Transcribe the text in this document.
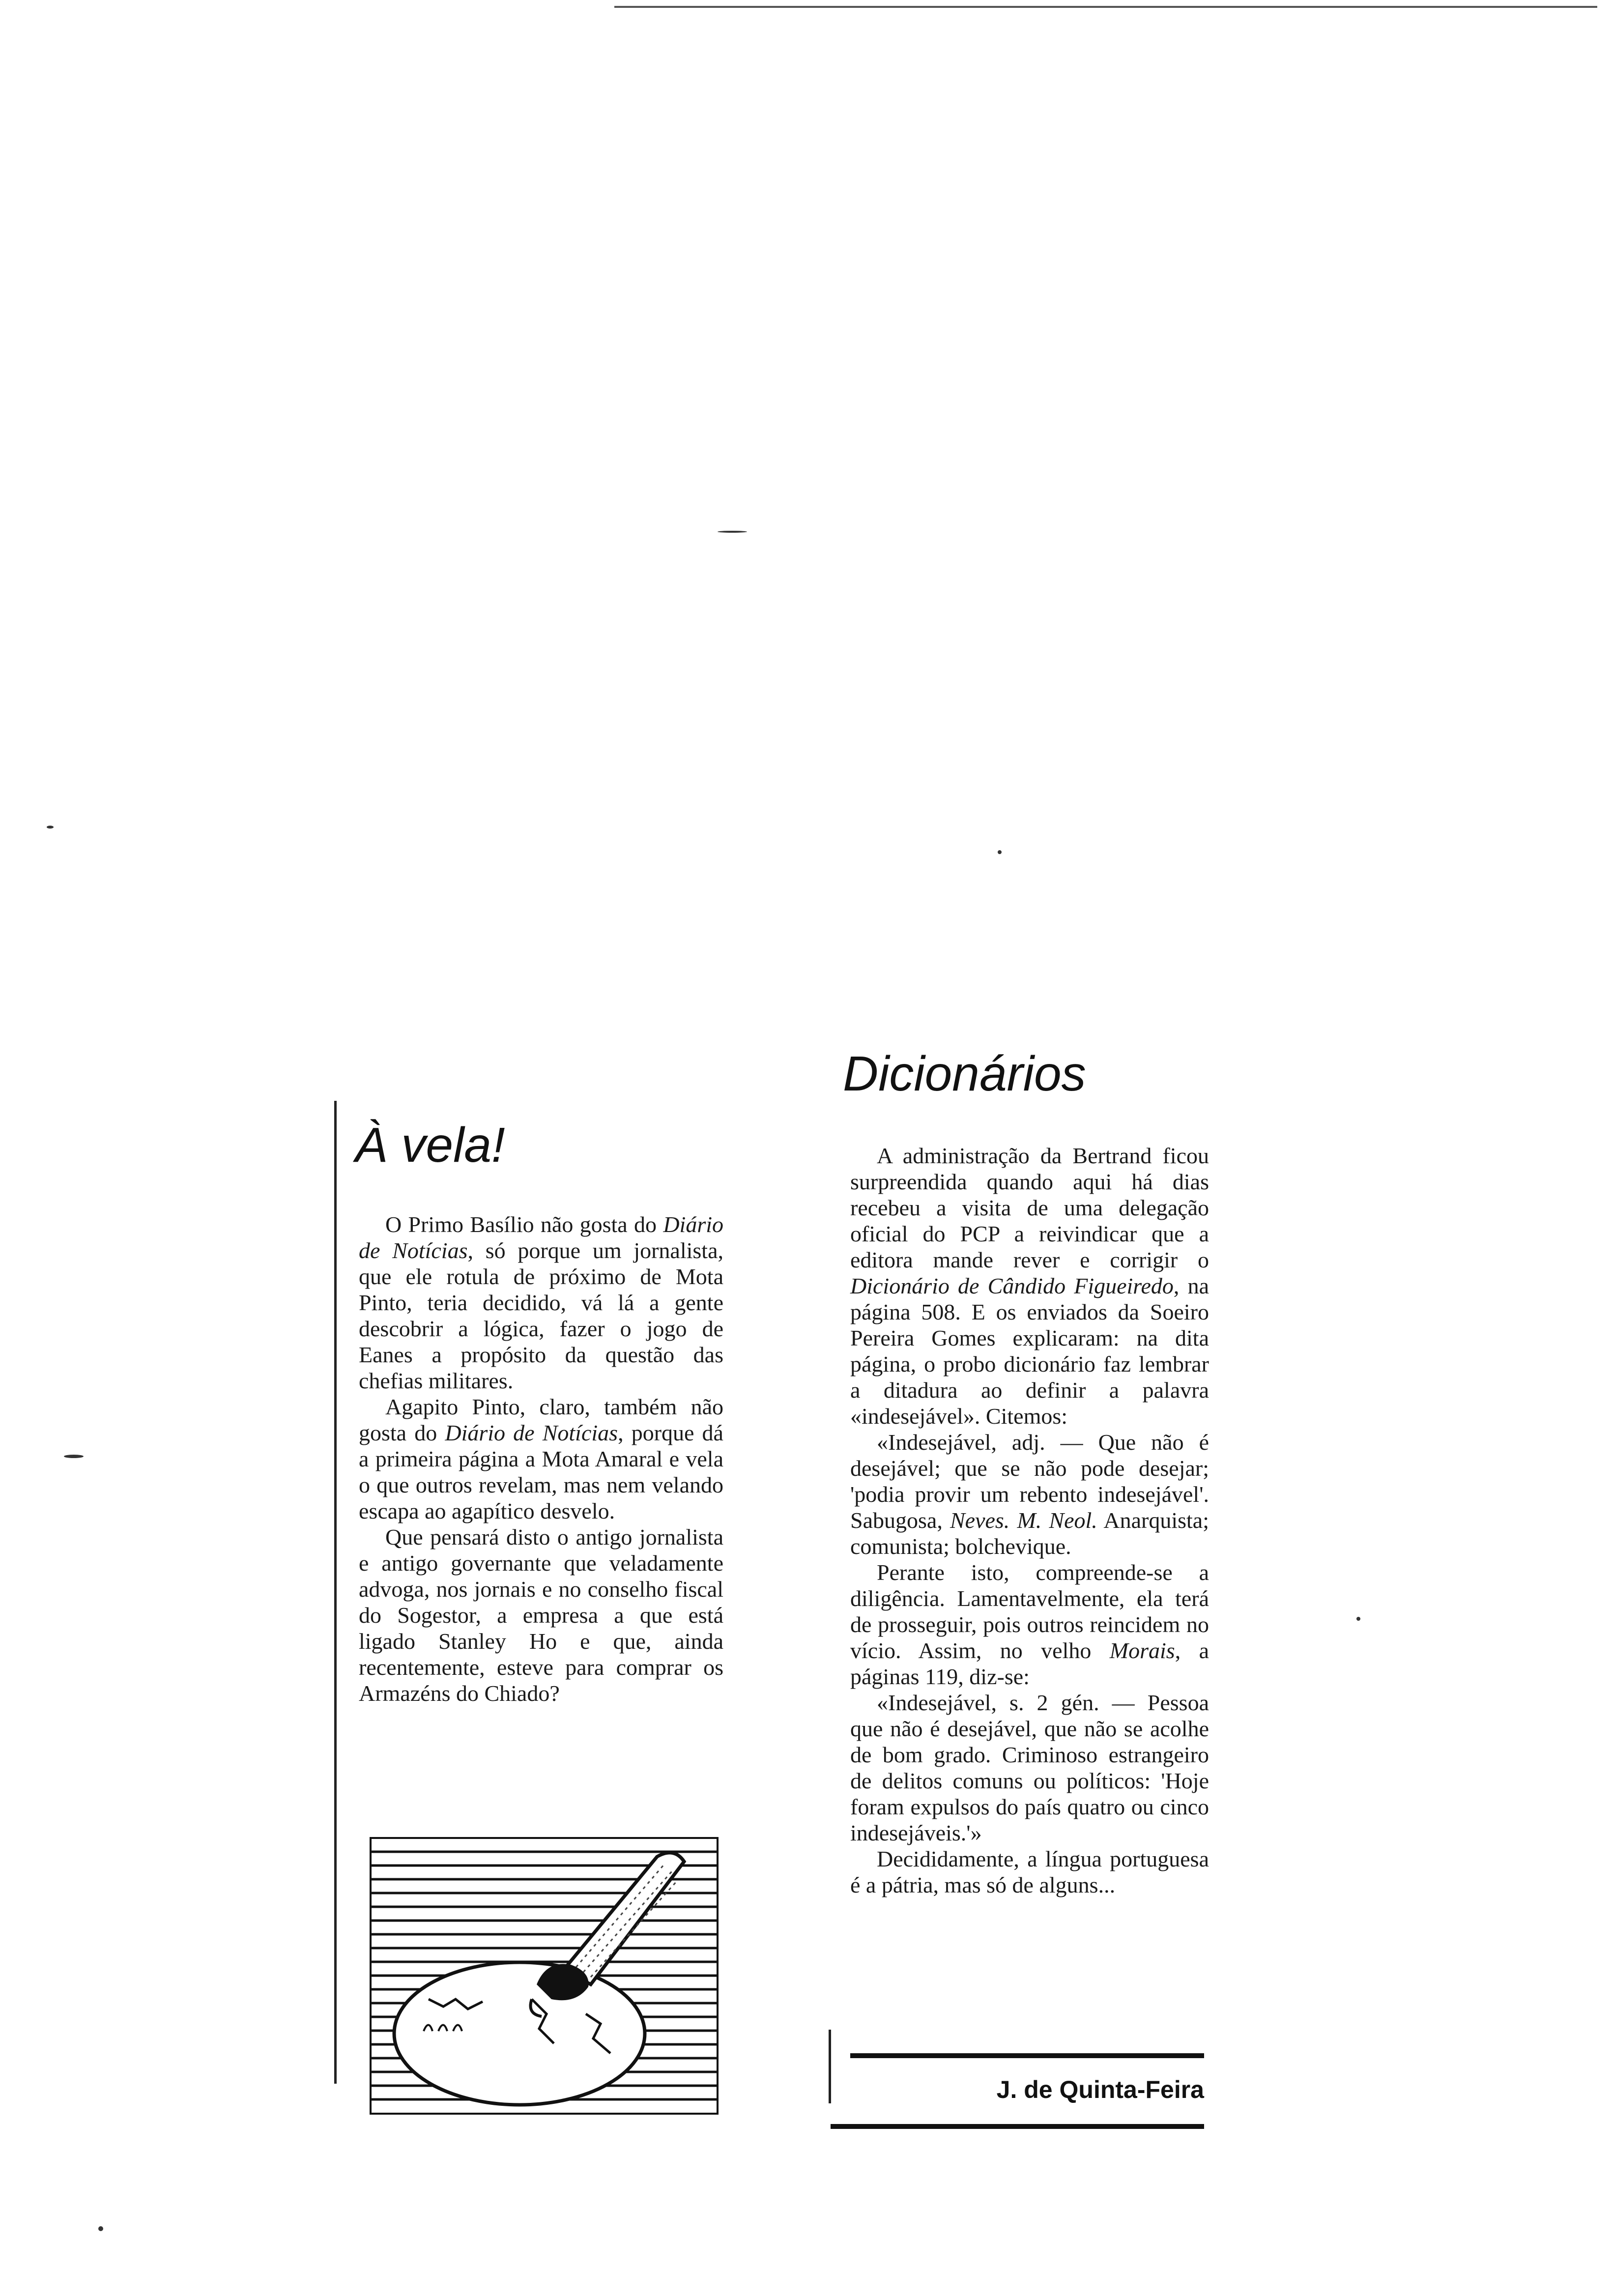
À vela!

O Primo Basílio não gosta do Diário de Notícias, só porque um jornalista, que ele rotula de próximo de Mota Pinto, teria decidido, vá lá a gente descobrir a lógica, fazer o jogo de Eanes a propósito da questão das chefias militares.

Agapito Pinto, claro, também não gosta do Diário de Notícias, porque dá a primeira página a Mota Amaral e vela o que outros revelam, mas nem velando escapa ao agapítico desvelo.

Que pensará disto o antigo jornalista e antigo governante que veladamente advoga, nos jornais e no conselho fiscal do Sogestor, a empresa a que está ligado Stanley Ho e que, ainda recentemente, esteve para comprar os Armazéns do Chiado?

Dicionários

A administração da Bertrand ficou surpreendida quando aqui há dias recebeu a visita de uma delegação oficial do PCP a reivindicar que a editora mande rever e corrigir o Dicionário de Cândido Figueiredo, na página 508. E os enviados da Soeiro Pereira Gomes explicaram: na dita página, o probo dicionário faz lembrar a ditadura ao definir a palavra «indesejável». Citemos:

«Indesejável, adj. — Que não é desejável; que se não pode desejar; 'podia provir um rebento indesejável'. Sabugosa, Neves. M. Neol. Anarquista; comunista; bolchevique.

Perante isto, compreende-se a diligência. Lamentavelmente, ela terá de prosseguir, pois outros reincidem no vício. Assim, no velho Morais, a páginas 119, diz-se:

«Indesejável, s. 2 gén. — Pessoa que não é desejável, que não se acolhe de bom grado. Criminoso estrangeiro de delitos comuns ou políticos: 'Hoje foram expulsos do país quatro ou cinco indesejáveis.'»

Decididamente, a língua portuguesa é a pátria, mas só de alguns...

J. de Quinta-Feira
